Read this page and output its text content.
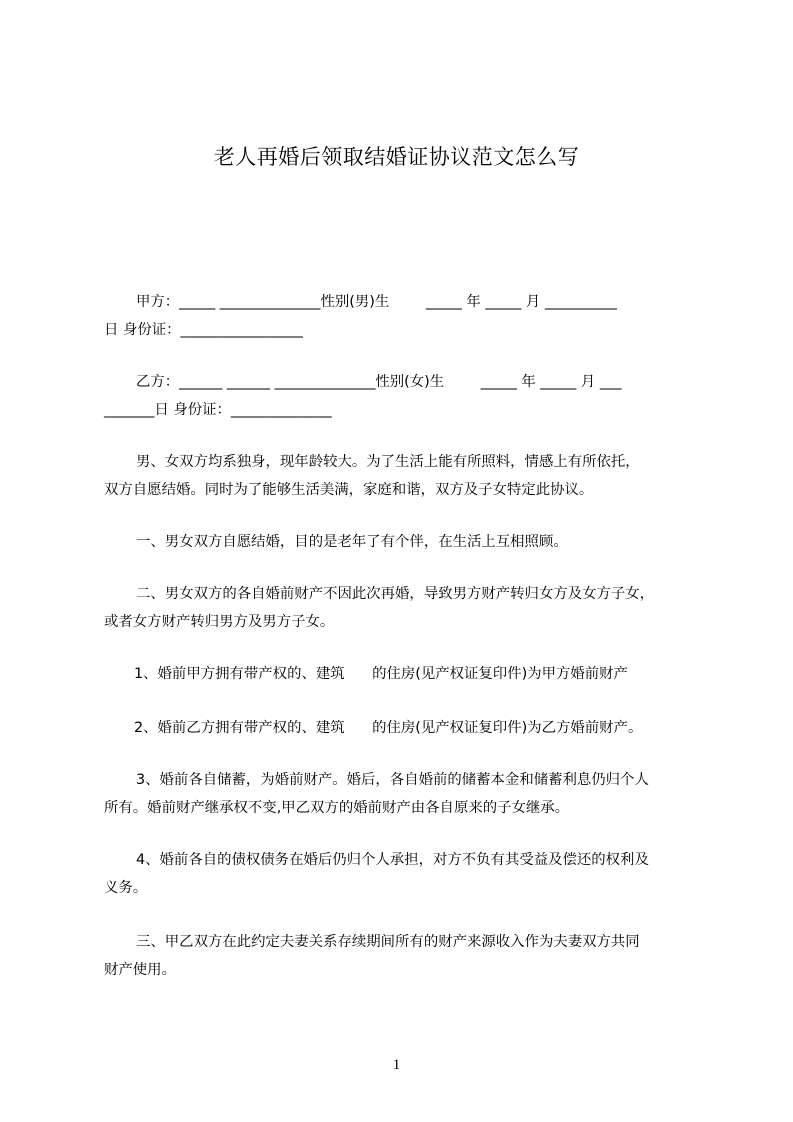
老人再婚后领取结婚证协议范文怎么写
甲方：_____ ______________性别(男)生        _____ 年 _____ 月 __________
日 身份证：_________________
乙方：______ ______ ______________性别(女)生        _____ 年 _____ 月 ___
_______日 身份证：______________
男、女双方均系独身，现年龄较大。为了生活上能有所照料，情感上有所依托，
双方自愿结婚。同时为了能够生活美满，家庭和谐，双方及子女特定此协议。
一、男女双方自愿结婚，目的是老年了有个伴，在生活上互相照顾。
二、男女双方的各自婚前财产不因此次再婚，导致男方财产转归女方及女方子女，
或者女方财产转归男方及男方子女。
1、婚前甲方拥有带产权的、建筑      的住房(见产权证复印件)为甲方婚前财产
2、婚前乙方拥有带产权的、建筑      的住房(见产权证复印件)为乙方婚前财产。
3、婚前各自储蓄，为婚前财产。婚后，各自婚前的储蓄本金和储蓄利息仍归个人
所有。婚前财产继承权不变,甲乙双方的婚前财产由各自原来的子女继承。
4、婚前各自的债权债务在婚后仍归个人承担，对方不负有其受益及偿还的权利及
义务。
三、甲乙双方在此约定夫妻关系存续期间所有的财产来源收入作为夫妻双方共同
财产使用。
1
